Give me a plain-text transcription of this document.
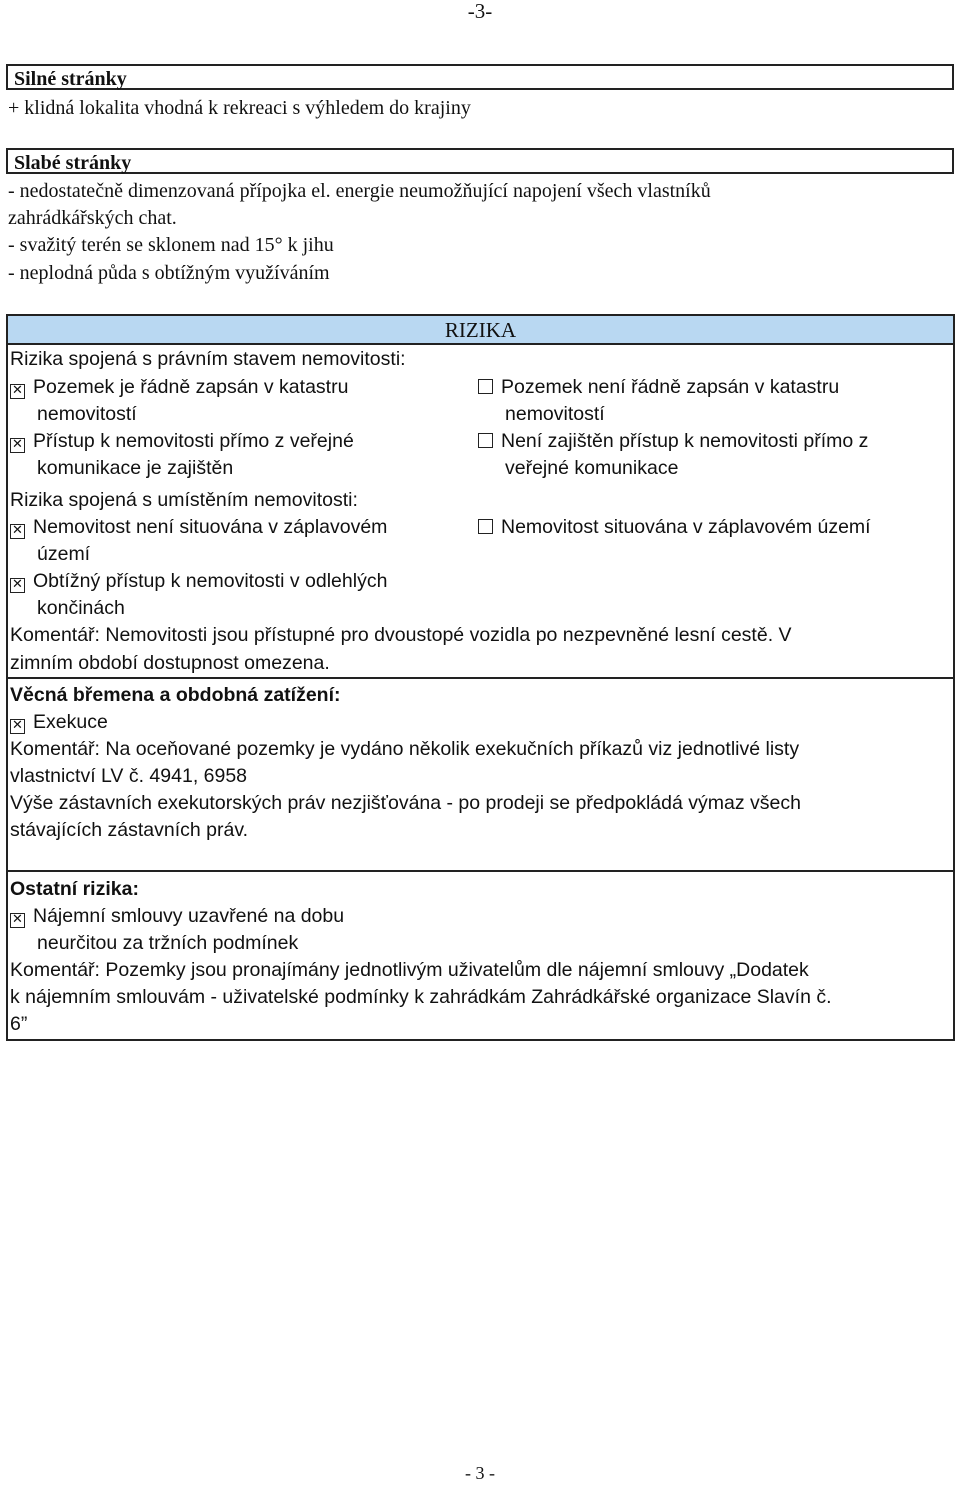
-3-
Silné stránky
+ klidná lokalita vhodná k rekreaci s výhledem do krajiny
Slabé stránky
- nedostatečně dimenzovaná přípojka el. energie neumožňující napojení všech vlastníků
zahrádkářských chat.
- svažitý terén se sklonem nad 15° k jihu
- neplodná půda s obtížným využíváním
RIZIKA
Rizika spojená s právním stavem nemovitosti:
✕ Pozemek je řádně zapsán v katastru
nemovitostí
✕ Přístup k nemovitosti přímo z veřejné
komunikace je zajištěn
Pozemek není řádně zapsán v katastru
nemovitostí
Není zajištěn přístup k nemovitosti přímo z
veřejné komunikace
Rizika spojená s umístěním nemovitosti:
✕ Nemovitost není situována v záplavovém
území
✕ Obtížný přístup k nemovitosti v odlehlých
končinách
Nemovitost situována v záplavovém území
Komentář: Nemovitosti jsou přístupné pro dvoustopé vozidla po nezpevněné lesní cestě. V
zimním období dostupnost omezena.
Věcná břemena a obdobná zatížení:
✕ Exekuce
Komentář: Na oceňované pozemky je vydáno několik exekučních příkazů viz jednotlivé listy
vlastnictví LV č. 4941, 6958
Výše zástavních exekutorských práv nezjišťována - po prodeji se předpokládá výmaz všech
stávajících zástavních práv.
Ostatní rizika:
✕ Nájemní smlouvy uzavřené na dobu
neurčitou za tržních podmínek
Komentář: Pozemky jsou pronajímány jednotlivým uživatelům dle nájemní smlouvy „Dodatek
k nájemním smlouvám - uživatelské podmínky k zahrádkám Zahrádkářské organizace Slavín č.
6”
- 3 -
